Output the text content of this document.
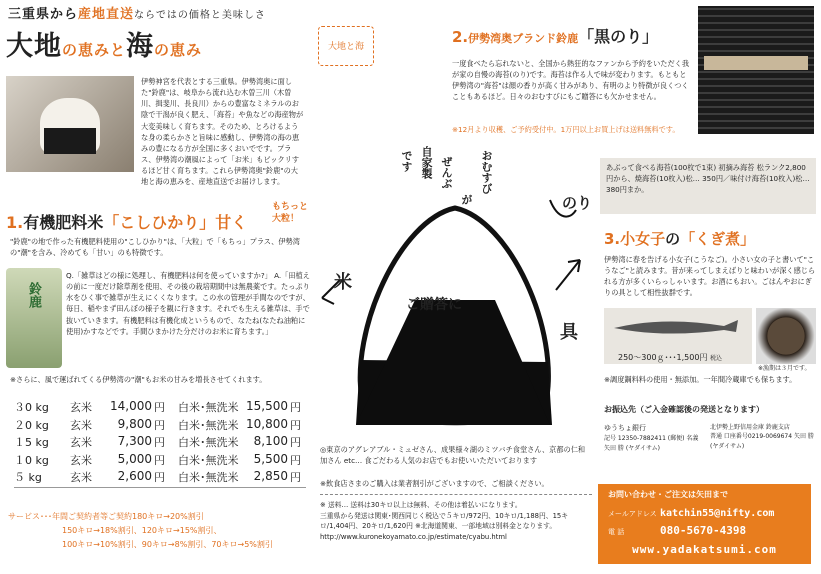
三重県から産地直送ならではの価格と美味しさ
大地の恵みと海の恵み	大地と海
伊勢神宮を代表とする三重県。伊勢湾奥に面した"鈴鹿"は、岐阜から流れ込む木曽三川（木曽川、揖斐川、長良川）からの豊富なミネラルのお陰で干潟が良く肥え、「海苔」や魚などの海産物が大変美味しく育ちます。そのため、とろけるような身の柔らかさと旨味に感動し、伊勢湾の海の恵みの豊になる方が全国に多くおいでです。プラス、伊勢湾の潮風によって「お米」もビックリするほど甘く育ちます。これら伊勢湾奥"鈴鹿"の大地と海の恵みを、産地直送でお届けします。
1.有機肥料米「こしひかり」甘く
もちっと
大粒！
"鈴鹿"の地で作った有機肥料使用の"こしひかり"は、「大粒」で「もちっ」プラス、伊勢湾の"潮"を含み、冷めても「甘い」のも特徴です。
鈴鹿
Q.「雑草はどの様に処理し、有機肥料は何を使っていますか?」 A.「田植えの前に一度だけ除草剤を使用、その後の栽培期間中は無農薬です。たっぷり水をひく事で雑草が生えにくくなります。この水の管理が手間なのですが、毎日、稲やまず田んぼの様子を観に行きます。それでも生える雑草は、手で抜いていきます。有機肥料は有機化成というもので、なたね(なたね油粕に使用)かすなどです。手間ひまかけた分だけのお米に育ちます。」
※さらに、風で運ばれてくる伊勢湾の"潮"もお米の甘みを増長させてくれます。
３0 kg	玄米	14,000 円	白米･無洗米 15,500 円
２0 kg	玄米	9,800 円	白米･無洗米 10,800 円
１5 kg	玄米	7,300 円	白米･無洗米	8,100 円
１0 kg	玄米	5,000 円	白米･無洗米	5,500 円
５ kg	玄米	2,600 円	白米･無洗米	2,850 円
サービス･･･年間ご契約者等ご契約180キロ→20%割引
150キロ→18%割引、120キロ→15%割引、
100キロ→10%割引、90キロ→8%割引、70キロ→5%割引
米
のり
具
ご贈答に
おむすび
が
ぜんぶ
自家製
です
◎東京のアグレアブル・ミュゼさん、成果様々湖のミツバチ食堂さん、京都の仁和加さん etc… 食ごだわる人気のお店でもお使いいただいております
※飲食店さまのご購入は業者割引がございますので、ご相談ください。
※ 送料… 送料は30キロ以上は無料、その他は着払いになります。
三重県から発送は関東･関西同じく税込で５キロ/972円、10キロ/1,188円、15キロ/1,404円、20キロ/1,620円 ※北海道関東、一部地域は別料金となります。
http://www.kuronekoyamato.co.jp/estimate/cyabu.html
2.伊勢湾奥ブランド鈴鹿「黒のり」
一度食べたら忘れないと、全国から熱狂的なファンから予約をいただく我が家の自慢の海苔(のり)です。海苔は作る人で味が変わります。もともと伊勢湾の"海苔"は顔の香りが高く甘みがあり、有明のより特徴が良くつくこともあるほど。日々のおむすびにもご贈答にも欠かせません。
※12月より収穫、ご予約受付中。1万円以上お買上げは送料無料です。
あぶって食べる海苔(100枚で1束) 初摘み海苔 松ランク2,800円から、焼海苔(10枚入)松… 350円／味付け海苔(10枚入)松… 380円まか。
3.小女子の「くぎ煮」
伊勢湾に春を告げる小女子(こうなご)。小さい女の子と書いて"こうなご"と読みます。昔が来ってしまえばりと味わいが深く感じられる方が多くいらっしゃいます。お酒にもおい。ごはんやおにぎりの具として相性抜群です。
250～300ｇ･･･1,500円 税込
※漁期は３月です。
※調度鋼料料の使用・無添加。一年間冷蔵庫でも保ちます。
お振込先（ご入金確認後の発送となります）
ゆうちょ銀行
記号 12350-7882411 (郵便) 名義 矢田 勝 (ヤダイサム)
北伊勢上野信用金庫 鈴鹿支店
普通 口座番号0219-0069674 矢田 勝 (ヤダイサム)
お問い合わせ・ご注文は矢田まで
メールアドレス katchin55@nifty.com
電 話	080-5670-4398
www.yadakatsumi.com
